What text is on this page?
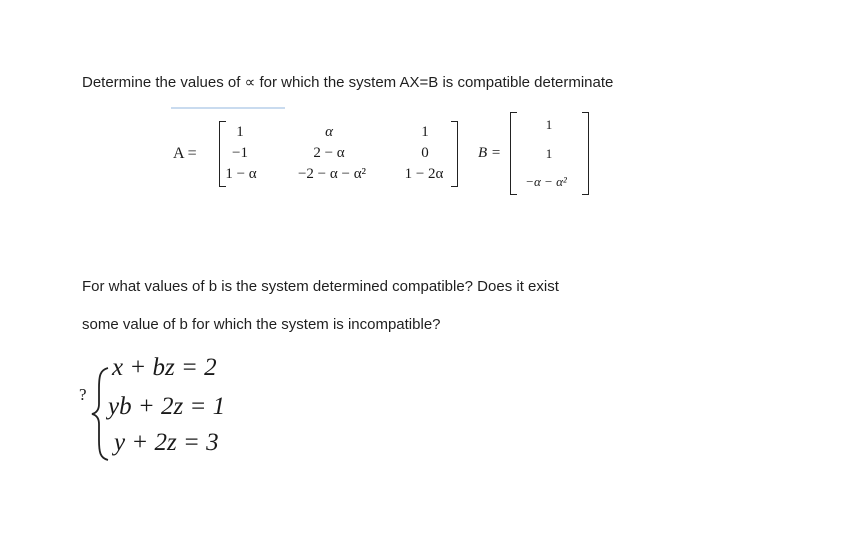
Determine the values of ∝ for which the system AX=B is compatible determinate
A =
1	α	1
−1	2 − α	0
1 − α	−2 − α − α²	1 − 2α
B =
1
1
−α − α²
For what values of b is the system determined compatible? Does it exist
some value of b for which the system is incompatible?
?
x + bz = 2
yb + 2z = 1
y + 2z = 3
